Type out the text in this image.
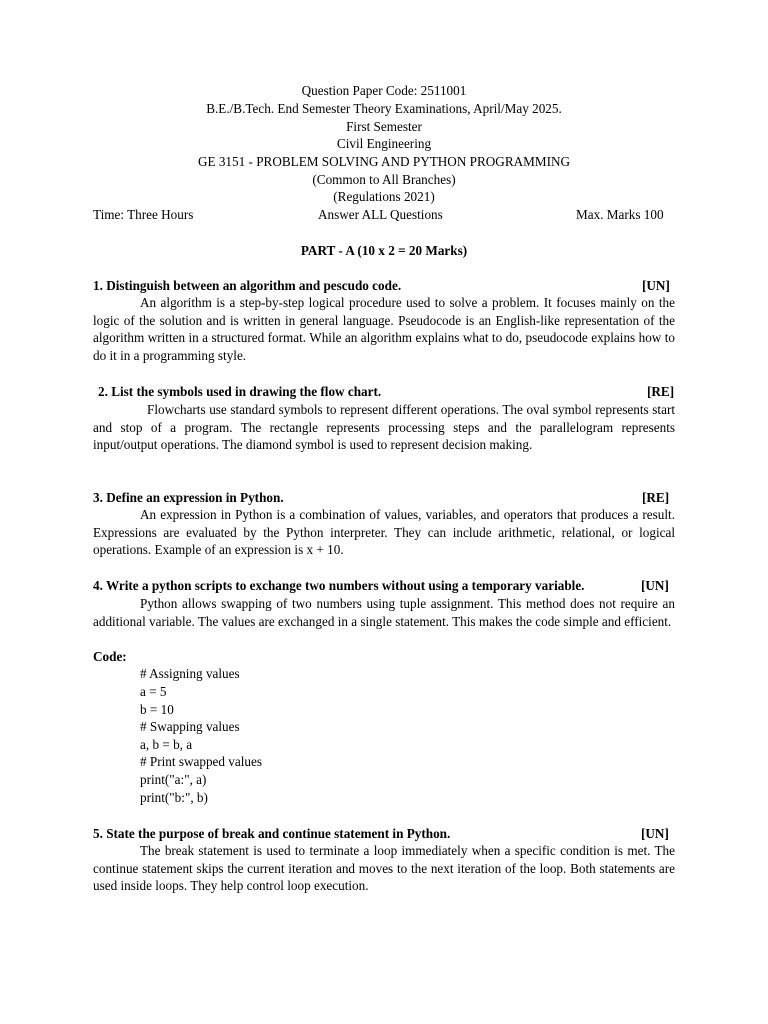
Question Paper Code: 2511001
B.E./B.Tech. End Semester Theory Examinations, April/May 2025.
First Semester
Civil Engineering
GE 3151 - PROBLEM SOLVING AND PYTHON PROGRAMMING
(Common to All Branches)
(Regulations 2021)
Time: Three Hours	Answer ALL Questions	Max. Marks 100
PART - A (10 x 2 = 20 Marks)
1. Distinguish between an algorithm and pescudo code.	[UN]
An algorithm is a step-by-step logical procedure used to solve a problem. It focuses mainly on the logic of the solution and is written in general language. Pseudocode is an English-like representation of the algorithm written in a structured format. While an algorithm explains what to do, pseudocode explains how to do it in a programming style.
2. List the symbols used in drawing the flow chart.	[RE]
Flowcharts use standard symbols to represent different operations. The oval symbol represents start and stop of a program. The rectangle represents processing steps and the parallelogram represents input/output operations. The diamond symbol is used to represent decision making.
3. Define an expression in Python.	[RE]
An expression in Python is a combination of values, variables, and operators that produces a result. Expressions are evaluated by the Python interpreter. They can include arithmetic, relational, or logical operations. Example of an expression is x + 10.
4. Write a python scripts to exchange two numbers without using a temporary variable.	[UN]
Python allows swapping of two numbers using tuple assignment. This method does not require an additional variable. The values are exchanged in a single statement. This makes the code simple and efficient.
Code:
# Assigning values
a = 5
b = 10
# Swapping values
a, b = b, a
# Print swapped values
print("a:", a)
print("b:", b)
5. State the purpose of break and continue statement in Python.	[UN]
The break statement is used to terminate a loop immediately when a specific condition is met. The continue statement skips the current iteration and moves to the next iteration of the loop. Both statements are used inside loops. They help control loop execution.
